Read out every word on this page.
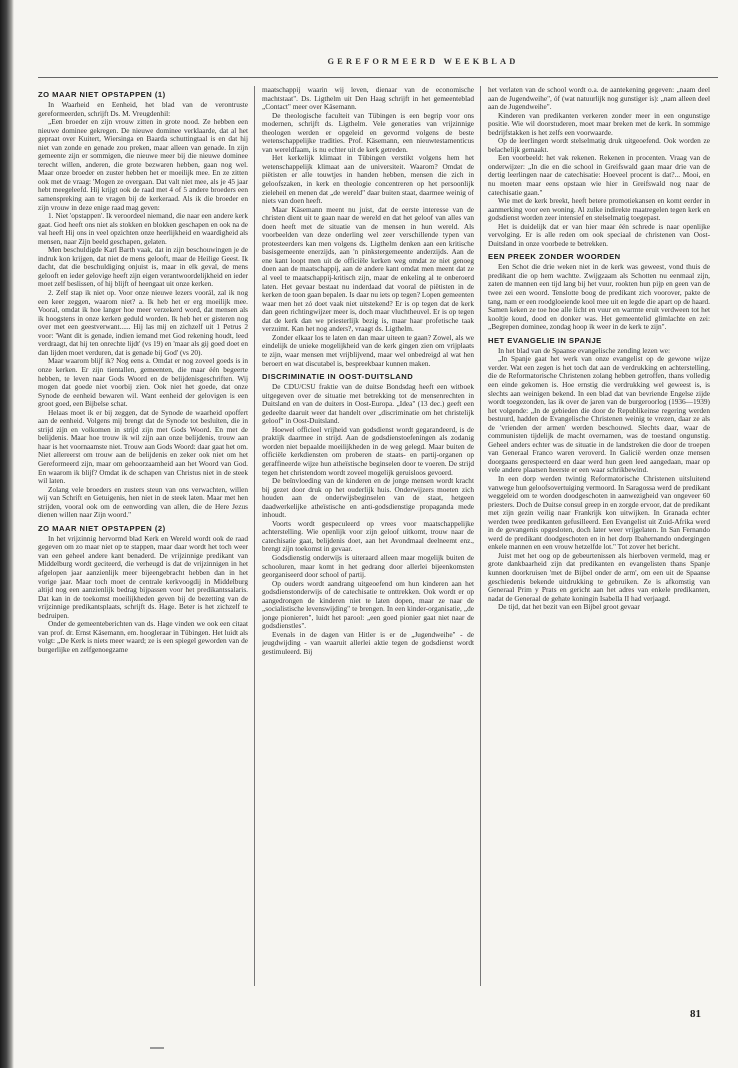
GEREFORMEERD WEEKBLAD
ZO MAAR NIET OPSTAPPEN (1)

In Waarheid en Eenheid, het blad van de verontruste gereformeerden, schrijft Ds. M. Vreugdenhil:

„Een broeder en zijn vrouw zitten in grote nood. Ze hebben een nieuwe dominee gekregen. De nieuwe dominee verklaarde, dat al het gepraat over Kuitert, Wiersinga en Baarda schuttingtaal is en dat hij niet van zonde en genade zou preken, maar alleen van genade. In zijn gemeente zijn er sommigen, die nieuwe meer bij die nieuwe dominee terecht willen, anderen, die grote bezwaren hebben, gaan nog wel. Maar onze broeder en zuster hebben het er moeilijk mee. En ze zitten ook met de vraag: 'Mogen ze overgaan. Dat valt niet mee, als je 45 jaar hebt meegeleefd. Hij krijgt ook de raad met 4 of 5 andere broeders een samenspreking aan te vragen bij de kerkeraad. Als ik die broeder en zijn vrouw in deze enige raad mag geven:

1. Niet 'opstappen'. Ik veroordeel niemand, die naar een andere kerk gaat. God heeft ons niet als stokken en blokken geschapen en ook na de val heeft Hij ons in veel opzichten onze heerlijkheid en waardigheid als mensen, naar Zijn beeld geschapen, gelaten.

Men beschuldigde Karl Barth vaak, dat in zijn beschouwingen je de indruk kon krijgen, dat niet de mens gelooft, maar de Heilige Geest. Ik dacht, dat die beschuldiging onjuist is, maar in elk geval, de mens gelooft en ieder gelovige heeft zijn eigen verantwoordelijkheid en ieder moet zelf beslissen, of hij blijft of heengaat uit onze kerken.

2. Zelf stap ik niet op. Voor onze nieuwe lezers voorál, zal ik nog een keer zeggen, waarom niet? a. Ik heb het er erg moeilijk mee. Vooral, omdat ik hoe langer hoe meer verzekerd word, dat mensen als ik hoogstens in onze kerken geduld worden. Ik heb het er gisteren nog over met een geestverwant...... Hij las mij en zichzelf uit 1 Petrus 2 voor: 'Want dit is genade, indien iemand met God rekening houdt, leed verdraagt, dat hij ten onrechte lijdt' (vs 19) en 'maar als gij goed doet en dan lijden moet verduren, dat is genade bij God' (vs 20).

Maar waarom blijf ik? Nog eens a. Omdat er nog zoveel goeds is in onze kerken. Er zijn tientallen, gemeenten, die maar één begeerte hebben, te leven naar Gods Woord en de belijdenisgeschriften. Wij mogen dat goede niet voorbij zien. Ook niet het goede, dat onze Synode de eenheid bewaren wil. Want eenheid der gelovigen is een groot goed, een Bijbelse schat.

Helaas moet ik er bij zeggen, dat de Synode de waarheid opoffert aan de eenheid. Volgens mij brengt dat de Synode tot besluiten, die in strijd zijn en volkomen in strijd zijn met Gods Woord. En met de belijdenis. Maar hoe trouw ik wil zijn aan onze belijdenis, trouw aan haar is het voornaamste niet. Trouw aan Gods Woord: daar gaat het om. Niet allereerst om trouw aan de belijdenis en zeker ook niet om het Gereformeerd zijn, maar om gehoorzaamheid aan het Woord van God. En waarom ik blijf? Omdat ik de schapen van Christus niet in de steek wil laten.

Zolang vele broeders en zusters steun van ons verwachten, willen wij van Schrift en Getuigenis, hen niet in de steek laten. Maar met hen strijden, vooral ook om de eenwording van allen, die de Here Jezus dienen willen naar Zijn woord."

ZO MAAR NIET OPSTAPPEN (2)

In het vrijzinnig hervormd blad Kerk en Wereld wordt ook de raad gegeven om zo maar niet op te stappen, maar daar wordt het toch weer van een geheel andere kant benaderd. De vrijzinnige predikant van Middelburg wordt geciteerd, die verheugd is dat de vrijzinnigen in het afgelopen jaar aanzienlijk meer bijeengebracht hebben dan in het vorige jaar. Maar toch moet de centrale kerkvoogdij in Middelburg altijd nog een aanzienlijk bedrag bijpassen voor het predikantssalaris. Dat kan in de toekomst moeilijkheden geven bij de bezetting van de vrijzinnige predikantsplaats, schrijft ds. Hage. Beter is het zichzelf te bedruipen.

Onder de gemeenteberichten van ds. Hage vinden we ook een citaat van prof. dr. Ernst Käsemann, em. hoogleraar in Tübingen. Het luidt als volgt: „De Kerk is niets meer waard; ze is een spiegel geworden van de burgerlijke en zelfgenoegzame

maatschappij waarin wij leven, dienaar van de economische machtstaat". Ds. Ligthelm uit Den Haag schrijft in het gemeenteblad „Contact" meer over Käsemann.

De theologische faculteit van Tübingen is een begrip voor ons modernen, schrijft ds. Ligthelm. Vele generaties van vrijzinnige theologen werden er opgeleid en gevormd volgens de beste wetenschappelijke tradities. Prof. Käsemann, een nieuwtestamenticus van wereldfaam, is nu echter uit de kerk getreden.

Het kerkelijk klimaat in Tübingen verstikt volgens hem het wetenschappelijk klimaat aan de universiteit. Waarom? Omdat de piëtisten er alle touwtjes in handen hebben, mensen die zich in geloofszaken, in kerk en theologie concentreren op het persoonlijk zieleheil en menen dat „de wereld" daar buiten staat, daarmee weinig of niets van doen heeft.

Maar Käsemann meent nu juist, dat de eerste interesse van de christen dient uit te gaan naar de wereld en dat het geloof van alles van doen heeft met de situatie van de mensen in hun wereld. Als voorbeelden van deze onderling wel zeer verschillende typen van protesteerders kan men volgens ds. Ligthelm denken aan een kritische basisgemeente enerzijds, aan 'n pinkstergemeente anderzijds. Aan de ene kant loopt men uit de officiële kerken weg omdat ze niet genoeg doen aan de maatschappij, aan de andere kant omdat men meent dat ze al veel te maatschappij-kritisch zijn, maar de enkeling al te onberoerd laten. Het gevaar bestaat nu inderdaad dat vooral de piëtisten in de kerken de toon gaan bepalen. Is daar nu iets op tegen? Lopen gemeenten waar men het zó doet vaak niet uitstekend? Er is op tegen dat de kerk dan geen richtingwijzer meer is, doch maar vluchtheuvel. Er is op tegen dat de kerk dan we priesterlijk bezig is, maar haar profetische taak verzuimt. Kan het nog anders?, vraagt ds. Ligthelm.

Zonder elkaar los te laten en dan maar uiteen te gaan? Zowel, als we eindelijk de unieke mogelijkheid van de kerk gingen zien om vrijplaats te zijn, waar mensen met vrijblijvend, maar wel onbedreigd al wat hen beroert en wat discutabel is, bespreekbaar kunnen maken.

DISCRIMINATIE IN OOST-DUITSLAND

De CDU/CSU fraktie van de duitse Bondsdag heeft een witboek uitgegeven over de situatie met betrekking tot de mensenrechten in Duitsland en van de duiters in Oost-Europa. „Idea" (13 dec.) geeft een gedeelte daaruit weer dat handelt over „discriminatie om het christelijk geloof" in Oost-Duitsland.

Hoewel officieel vrijheid van godsdienst wordt gegarandeerd, is de praktijk daarmee in strijd. Aan de godsdienstoefeningen als zodanig worden niet bepaalde moeilijkheden in de weg gelegd. Maar buiten de officiële kerkdiensten om proberen de staats- en partij-organen op geraffineerde wijze hun atheïstische beginselen door te voeren. De strijd tegen het christendom wordt zoveel mogelijk geruisloos gevoerd.

De beïnvloeding van de kinderen en de jonge mensen wordt kracht bij gezet door druk op het ouderlijk huis. Onderwijzers moeten zich houden aan de onderwijsbeginselen van de staat, hetgeen daadwerkelijke atheïstische en anti-godsdienstige propaganda mede inhoudt.

Voorts wordt gespeculeerd op vrees voor maatschappelijke achterstelling. Wie openlijk voor zijn geloof uitkomt, trouw naar de catechisatie gaat, belijdenis doet, aan het Avondmaal deelneemt enz., brengt zijn toekomst in gevaar.

Godsdienstig onderwijs is uiteraard alleen maar mogelijk buiten de schooluren, maar komt in het gedrang door allerlei bijeenkomsten georganiseerd door school of partij.

Op ouders wordt aandrang uitgeoefend om hun kinderen aan het godsdienstonderwijs of de catechisatie te onttrekken. Ook wordt er op aangedrongen de kinderen niet te laten dopen, maar ze naar de „socialistische levenswijding" te brengen. In een kinder-organisatie, „de jonge pionieren", luidt het parool: „een goed pionier gaat niet naar de godsdienstles".

Evenals in de dagen van Hitler is er de „Jugendweihe" - de jeugdwijding - van waaruit allerlei aktie tegen de godsdienst wordt gestimuleerd. Bij

het verlaten van de school wordt o.a. de aantekening gegeven: „naam deel aan de Jugendweihe", óf (wat natuurlijk nog gunstiger is): „nam alleen deel aan de Jugendweihe".

Kinderen van predikanten verkeren zonder meer in een ongunstige positie. Wie wil doorstuderen, moet maar breken met de kerk. In sommige bedrijfstakken is het zelfs een voorwaarde.

Op de leerlingen wordt stelselmatig druk uitgeoefend. Ook worden ze belachelijk gemaakt.

Een voorbeeld: het vak rekenen. Rekenen in procenten. Vraag van de onderwijzer: „In die en die school in Greifswald gaan maar drie van de dertig leerlingen naar de catechisatie: Hoeveel procent is dat?... Mooi, en nu moeten maar eens opstaan wie hier in Greifswald nog naar de catechisatie gaan."

Wie met de kerk breekt, heeft betere promotiekansen en komt eerder in aanmerking voor een woning. Al zulke indirekte maatregelen tegen kerk en godsdienst worden zeer intensief en stelselmatig toegepast.

Het is duidelijk dat er van hier maar één schrede is naar openlijke vervolging. Er is alle reden om ook speciaal de christenen van Oost-Duitsland in onze voorbede te betrekken.

EEN PREEK ZONDER WOORDEN

Een Schot die drie weken niet in de kerk was geweest, vond thuis de predikant die op hem wachtte. Zwijgzaam als Schotten nu eenmaal zijn, zaten de mannen een tijd lang bij het vuur, rookten hun pijp en geen van de twee zei een woord. Tenslotte boog de predikant zich voorover, pakte de tang, nam er een roodgloeiende kool mee uit en legde die apart op de haard. Samen keken ze toe hoe alle licht en vuur en warmte eruit verdween tot het kooltje koud, dood en donker was. Het gemeentelid glimlachte en zei: „Begrepen dominee, zondag hoop ik weer in de kerk te zijn".

HET EVANGELIE IN SPANJE

In het blad van de Spaanse evangelische zending lezen we:

„In Spanje gaat het werk van onze evangelist op de gewone wijze verder. Wat een zegen is het toch dat aan de verdrukking en achterstelling, die de Reformatorische Christenen zolang hebben getroffen, thans volledig een einde gekomen is. Hoe ernstig die verdrukking wel geweest is, is slechts aan weinigen bekend. In een blad dat van bevriende Engelse zijde wordt toegezonden, las ik over de jaren van de burgeroorlog (1936—1939) het volgende: „In de gebieden die door de Republikeinse regering werden bestuurd, hadden de Evangelische Christenen weinig te vrezen, daar ze als de 'vrienden der armen' werden beschouwd. Slechts daar, waar de communisten tijdelijk de macht overnamen, was de toestand ongunstig. Geheel anders echter was de situatie in de landstreken die door de troepen van Generaal Franco waren veroverd. In Galicië werden onze mensen doorgaans gerespecteerd en daar werd hun geen leed aangedaan, maar op vele andere plaatsen heerste er een waar schrikbewind.

In een dorp werden twintig Reformatorische Christenen uitsluitend vanwege hun geloofsovertuiging vermoord. In Saragossa werd de predikant weggeleid om te worden doodgeschoten in aanwezigheid van ongeveer 60 priesters. Doch de Duitse consul greep in en zorgde ervoor, dat de predikant met zijn gezin veilig naar Frankrijk kon uitwijken. In Granada echter werden twee predikanten gefusilleerd. Een Evangelist uit Zuid-Afrika werd in de gevangenis opgesloten, doch later weer vrijgelaten. In San Fernando werd de predikant doodgeschoten en in het dorp Ibahernando ondergingen enkele mannen en een vrouw hetzelfde lot." Tot zover het bericht.

Juist met het oog op de gebeurtenissen als hierboven vermeld, mag er grote dankbaarheid zijn dat predikanten en evangelisten thans Spanje kunnen doorkruisen 'met de Bijbel onder de arm', om een uit de Spaanse geschiedenis bekende uitdrukking te gebruiken. Ze is afkomstig van Generaal Prim y Prats en gericht aan het adres van enkele predikanten, nadat de Generaal de gehate koningin Isabella II had verjaagd.

De tijd, dat het bezit van een Bijbel groot gevaar

81
